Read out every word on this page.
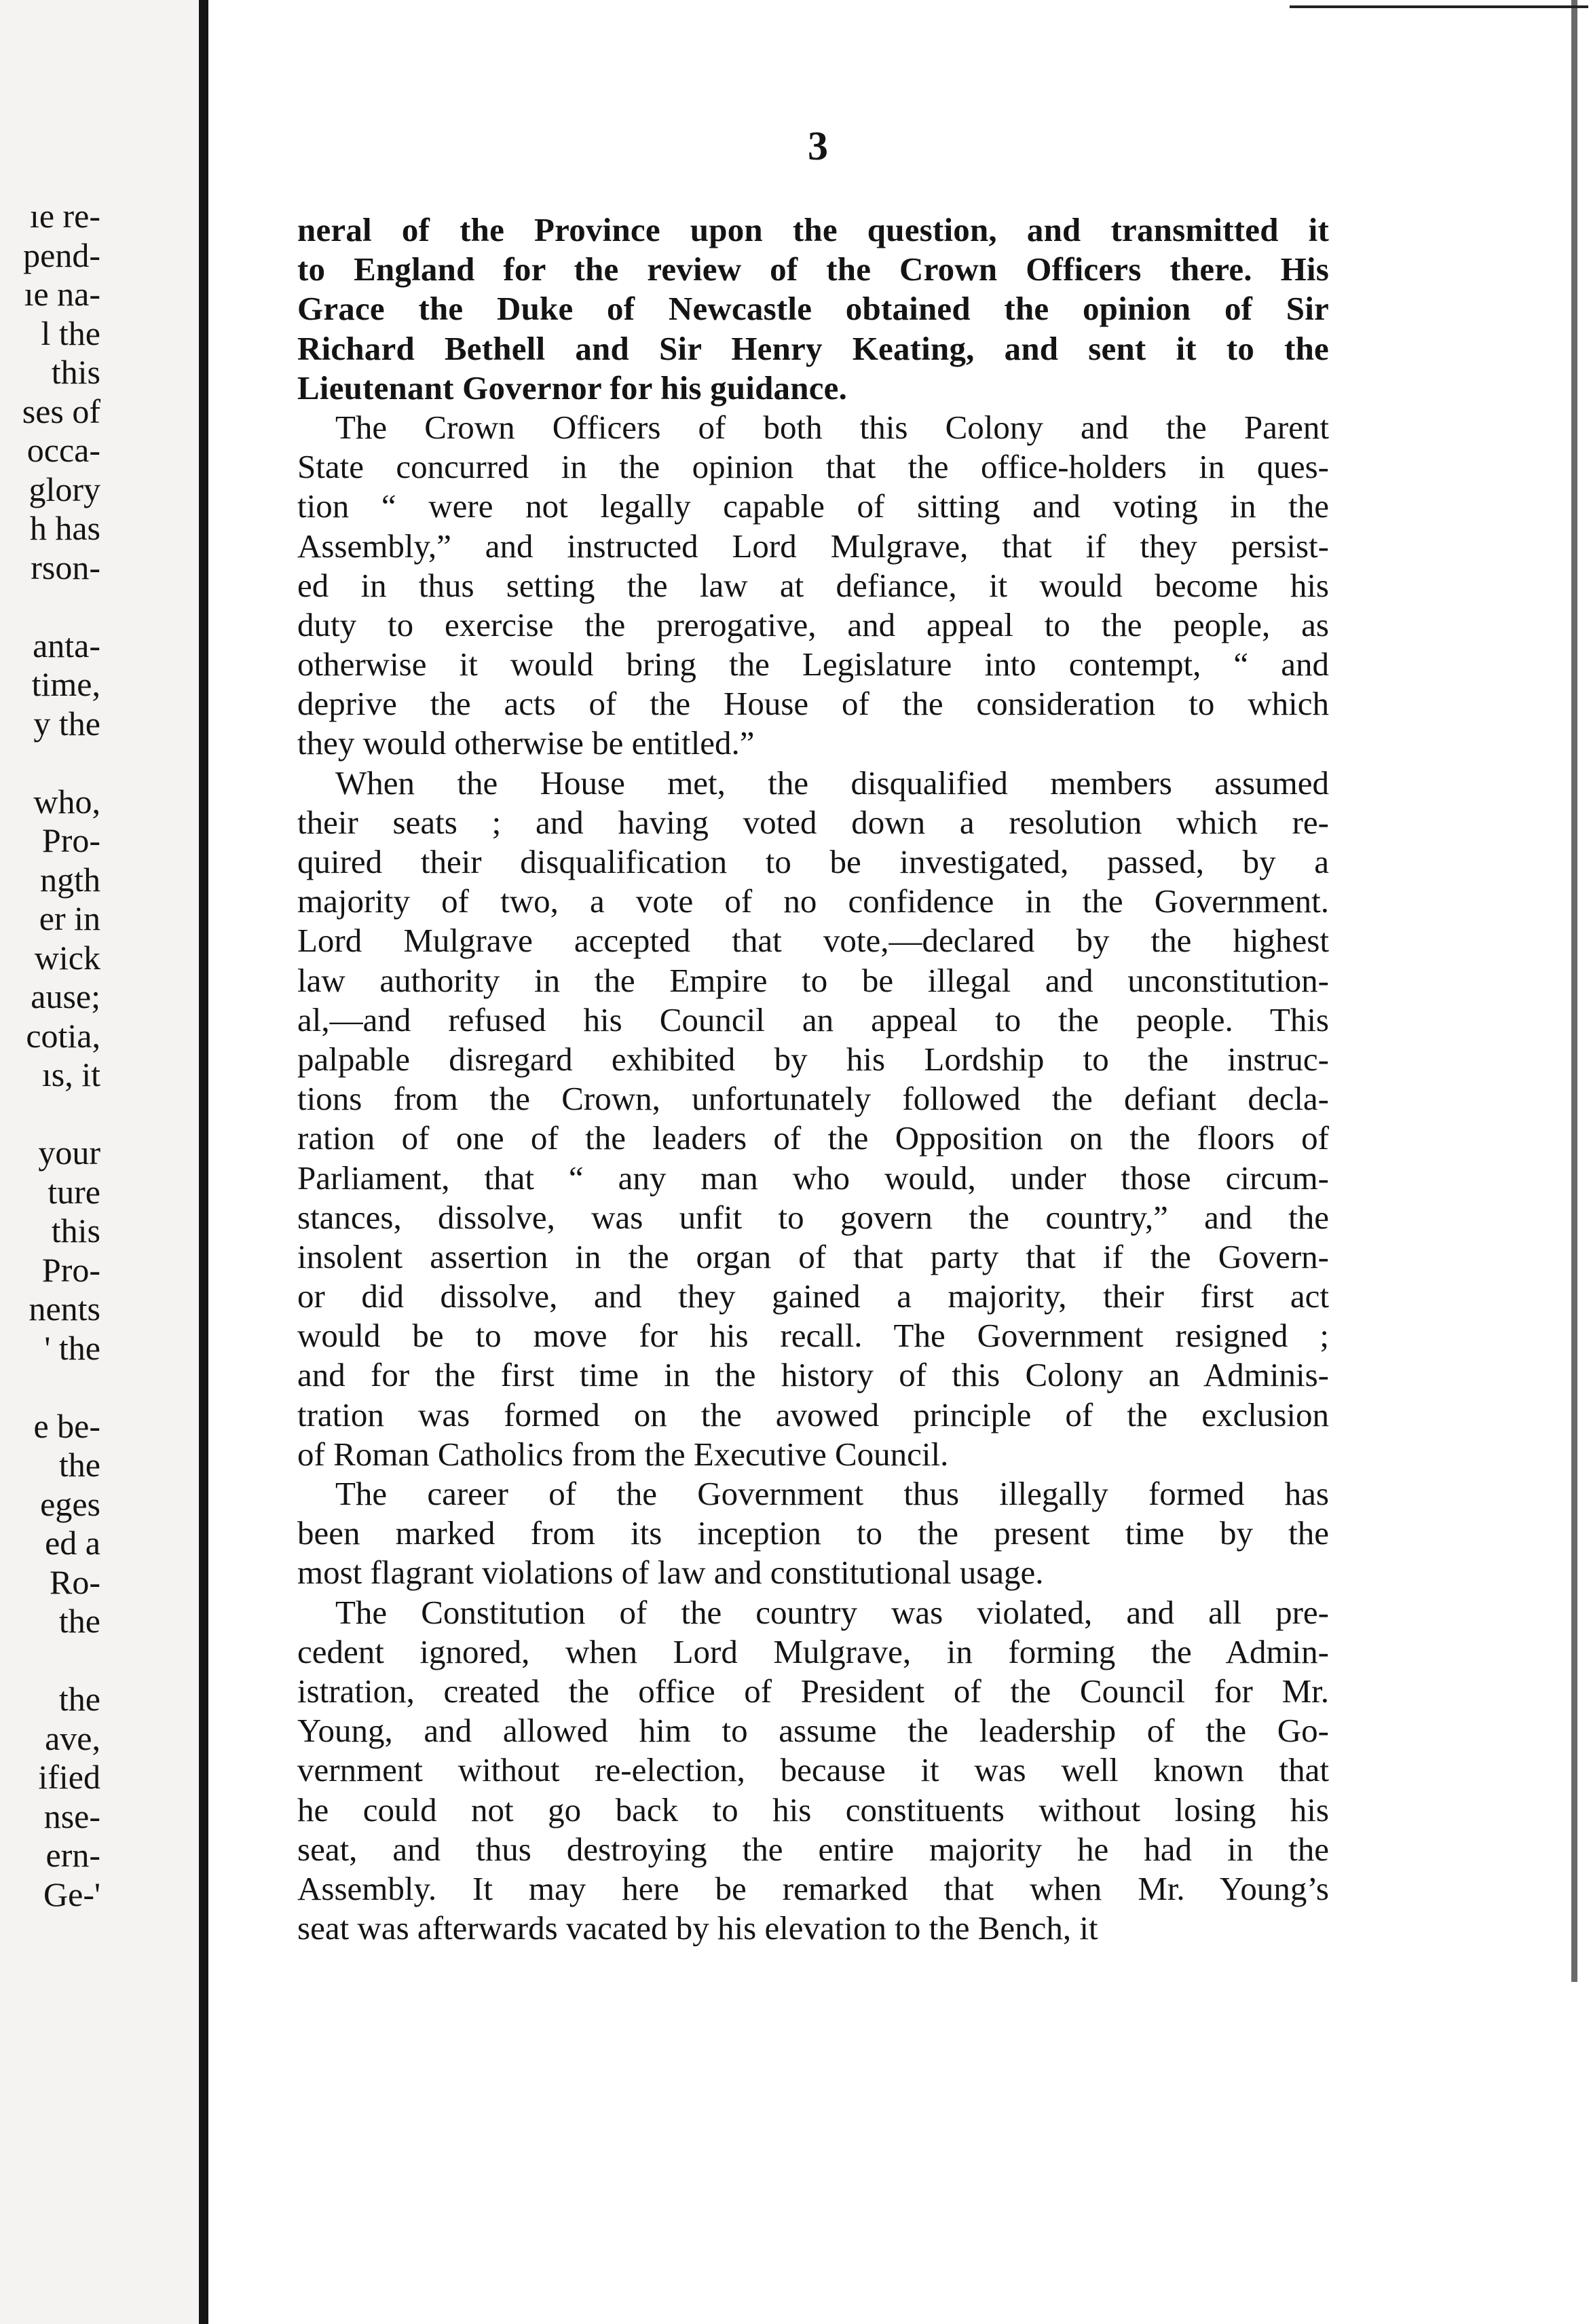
ıe re-
pend-
ıe na-
l the
this
ses of
occa-
glory
h has
rson-
anta-
time,
y the
who,
Pro-
ngth
er in
wick
ause;
cotia,
ıs, it
your
ture
this
Pro-
nents
' the
e be-
the
eges
ed a
Ro-
the
the
ave,
ified
nse-
ern-
Ge-'
3
neral of the Province upon the question, and transmitted it
to England for the review of the Crown Officers there. His
Grace the Duke of Newcastle obtained the opinion of Sir
Richard Bethell and Sir Henry Keating, and sent it to the
Lieutenant Governor for his guidance.
The Crown Officers of both this Colony and the Parent
State concurred in the opinion that the office-holders in ques-
tion “ were not legally capable of sitting and voting in the
Assembly,” and instructed Lord Mulgrave, that if they persist-
ed in thus setting the law at defiance, it would become his
duty to exercise the prerogative, and appeal to the people, as
otherwise it would bring the Legislature into contempt, “ and
deprive the acts of the House of the consideration to which
they would otherwise be entitled.”
When the House met, the disqualified members assumed
their seats ; and having voted down a resolution which re-
quired their disqualification to be investigated, passed, by a
majority of two, a vote of no confidence in the Government.
Lord Mulgrave accepted that vote,—declared by the highest
law authority in the Empire to be illegal and unconstitution-
al,—and refused his Council an appeal to the people. This
palpable disregard exhibited by his Lordship to the instruc-
tions from the Crown, unfortunately followed the defiant decla-
ration of one of the leaders of the Opposition on the floors of
Parliament, that “ any man who would, under those circum-
stances, dissolve, was unfit to govern the country,” and the
insolent assertion in the organ of that party that if the Govern-
or did dissolve, and they gained a majority, their first act
would be to move for his recall. The Government resigned ;
and for the first time in the history of this Colony an Adminis-
tration was formed on the avowed principle of the exclusion
of Roman Catholics from the Executive Council.
The career of the Government thus illegally formed has
been marked from its inception to the present time by the
most flagrant violations of law and constitutional usage.
The Constitution of the country was violated, and all pre-
cedent ignored, when Lord Mulgrave, in forming the Admin-
istration, created the office of President of the Council for Mr.
Young, and allowed him to assume the leadership of the Go-
vernment without re-election, because it was well known that
he could not go back to his constituents without losing his
seat, and thus destroying the entire majority he had in the
Assembly. It may here be remarked that when Mr. Young’s
seat was afterwards vacated by his elevation to the Bench, it
